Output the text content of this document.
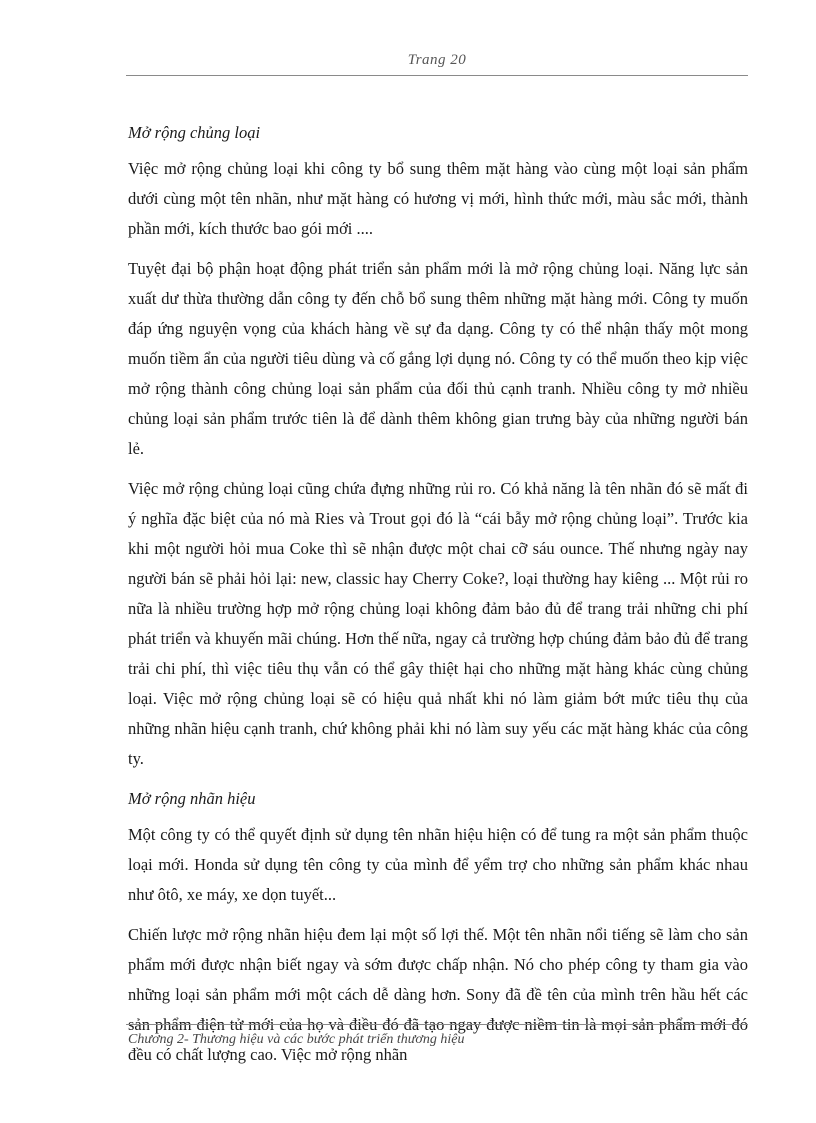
Trang 20
Mở rộng chủng loại

Việc mở rộng chủng loại khi công ty bổ sung thêm mặt hàng vào cùng một loại sản phẩm dưới cùng một tên nhãn, như mặt hàng có hương vị mới, hình thức mới, màu sắc mới, thành phần mới, kích thước bao gói mới ....

Tuyệt đại bộ phận hoạt động phát triển sản phẩm mới là mở rộng chủng loại. Năng lực sản xuất dư thừa thường dẫn công ty đến chỗ bổ sung thêm những mặt hàng mới. Công ty muốn đáp ứng nguyện vọng của khách hàng về sự đa dạng. Công ty có thể nhận thấy một mong muốn tiềm ẩn của người tiêu dùng và cố gắng lợi dụng nó. Công ty có thể muốn theo kịp việc mở rộng thành công chủng loại sản phẩm của đối thủ cạnh tranh. Nhiều công ty mở nhiều chủng loại sản phẩm trước tiên là để dành thêm không gian trưng bày của những người bán lẻ.

Việc mở rộng chủng loại cũng chứa đựng những rủi ro. Có khả năng là tên nhãn đó sẽ mất đi ý nghĩa đặc biệt của nó mà Ries và Trout gọi đó là “cái bẫy mở rộng chủng loại”. Trước kia khi một người hỏi mua Coke thì sẽ nhận được một chai cỡ sáu ounce. Thế nhưng ngày nay người bán sẽ phải hỏi lại: new, classic hay Cherry Coke?, loại thường hay kiêng ... Một rủi ro nữa là nhiều trường hợp mở rộng chủng loại không đảm bảo đủ để trang trải những chi phí phát triển và khuyến mãi chúng. Hơn thế nữa, ngay cả trường hợp chúng đảm bảo đủ để trang trải chi phí, thì việc tiêu thụ vẫn có thể gây thiệt hại cho những mặt hàng khác cùng chủng loại. Việc mở rộng chủng loại sẽ có hiệu quả nhất khi nó làm giảm bớt mức tiêu thụ của những nhãn hiệu cạnh tranh, chứ không phải khi nó làm suy yếu các mặt hàng khác của công ty.

Mở rộng nhãn hiệu

Một công ty có thể quyết định sử dụng tên nhãn hiệu hiện có để tung ra một sản phẩm thuộc loại mới. Honda sử dụng tên công ty của mình để yểm trợ cho những sản phẩm khác nhau như ôtô, xe máy, xe dọn tuyết...

Chiến lược mở rộng nhãn hiệu đem lại một số lợi thế. Một tên nhãn nổi tiếng sẽ làm cho sản phẩm mới được nhận biết ngay và sớm được chấp nhận. Nó cho phép công ty tham gia vào những loại sản phẩm mới một cách dễ dàng hơn. Sony đã đề tên của mình trên hầu hết các sản phẩm điện tử mới của họ và điều đó đã tạo ngay được niềm tin là mọi sản phẩm mới đó đều có chất lượng cao. Việc mở rộng nhãn

Chương 2- Thương hiệu và các bước phát triển thương hiệu
